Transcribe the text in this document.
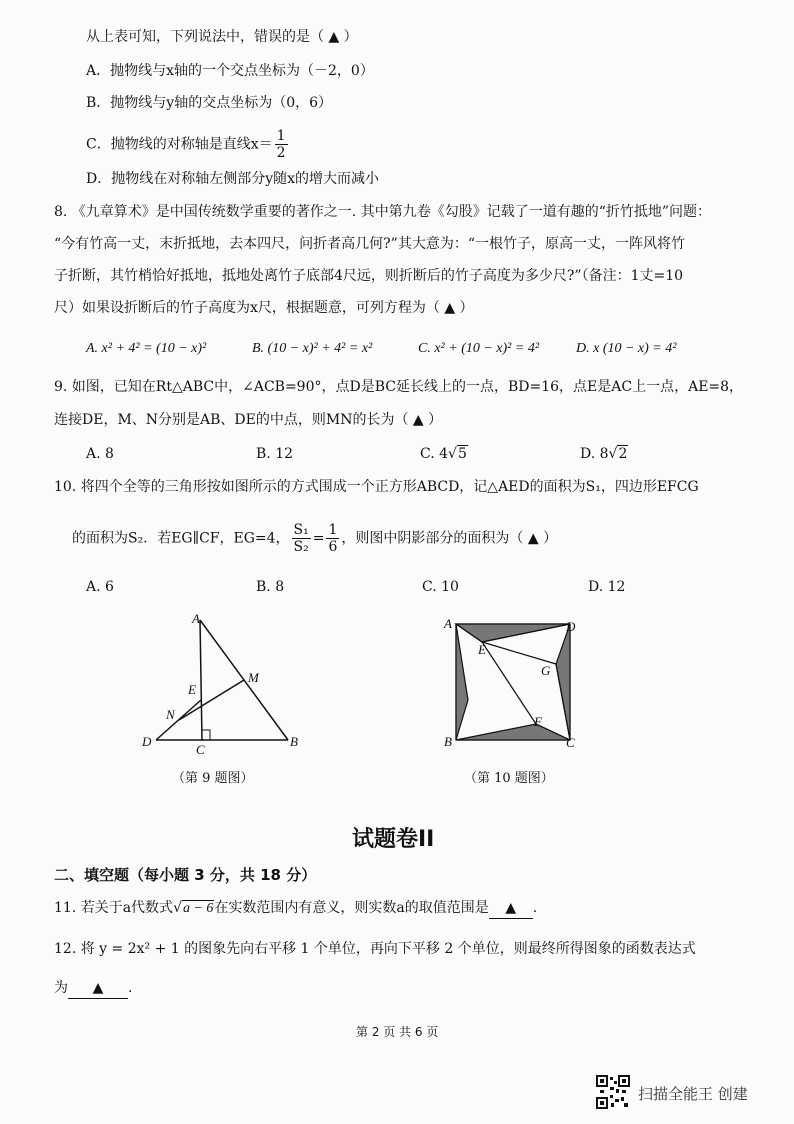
从上表可知，下列说法中，错误的是（ ▲ ）
A．抛物线与x轴的一个交点坐标为（－2，0）
B．抛物线与y轴的交点坐标为（0，6）
C．抛物线的对称轴是直线$x= \frac{1}{2}$
D．抛物线在对称轴左侧部分y随x的增大而减小
8. 《九章算术》是中国传统数学重要的著作之一. 其中第九卷《勾股》记载了一道有趣的“折竹抵地”问题：
“今有竹高一丈，末折抵地，去本四尺，问折者高几何?”其大意为：“一根竹子，原高一丈，一阵风将竹
子折断，其竹梢恰好抵地，抵地处离竹子底部4尺远，则折断后的竹子高度为多少尺?”（备注：1丈=10
尺）如果设折断后的竹子高度为x尺，根据题意，可列方程为（ ▲ ）
A. x² + 4² = (10 − x)²	B. (10 − x)² + 4² = x²	C. x² + (10 − x)² = 4²	D. x (10 − x) = 4²
9. 如图，已知在Rt△ABC中，∠ACB=90°，点D是BC延长线上的一点，BD=16，点E是AC上一点，AE=8，
连接DE，M、N分别是AB、DE的中点，则MN的长为（ ▲ ）
A. 8	B. 12	C. 4√5	D. 8√2
10. 将四个全等的三角形按如图所示的方式围成一个正方形ABCD，记△AED的面积为S₁，四边形EFCG
的面积为S₂．若EG∥CF，EG=4， $\frac{\text{S₁}}{\text{S₂}} = \frac{1}{6}$ ，则图中阴影部分的面积为（ ▲ ）
A. 6	B. 8	C. 10	D. 12
A
B
C
D
E
M
N
（第 9 题图）
A	D
B	C
E
G
F
（第 10 题图）
试题卷II
二、填空题（每小题 3 分，共 18 分）
11. 若关于a代数式√a − 6在实数范围内有意义，则实数a的取值范围是 ▲ .
12. 将 y = 2x² + 1 的图象先向右平移 1 个单位，再向下平移 2 个单位，则最终所得图象的函数表达式
为 ▲ .
第 2 页 共 6 页
扫描全能王 创建
